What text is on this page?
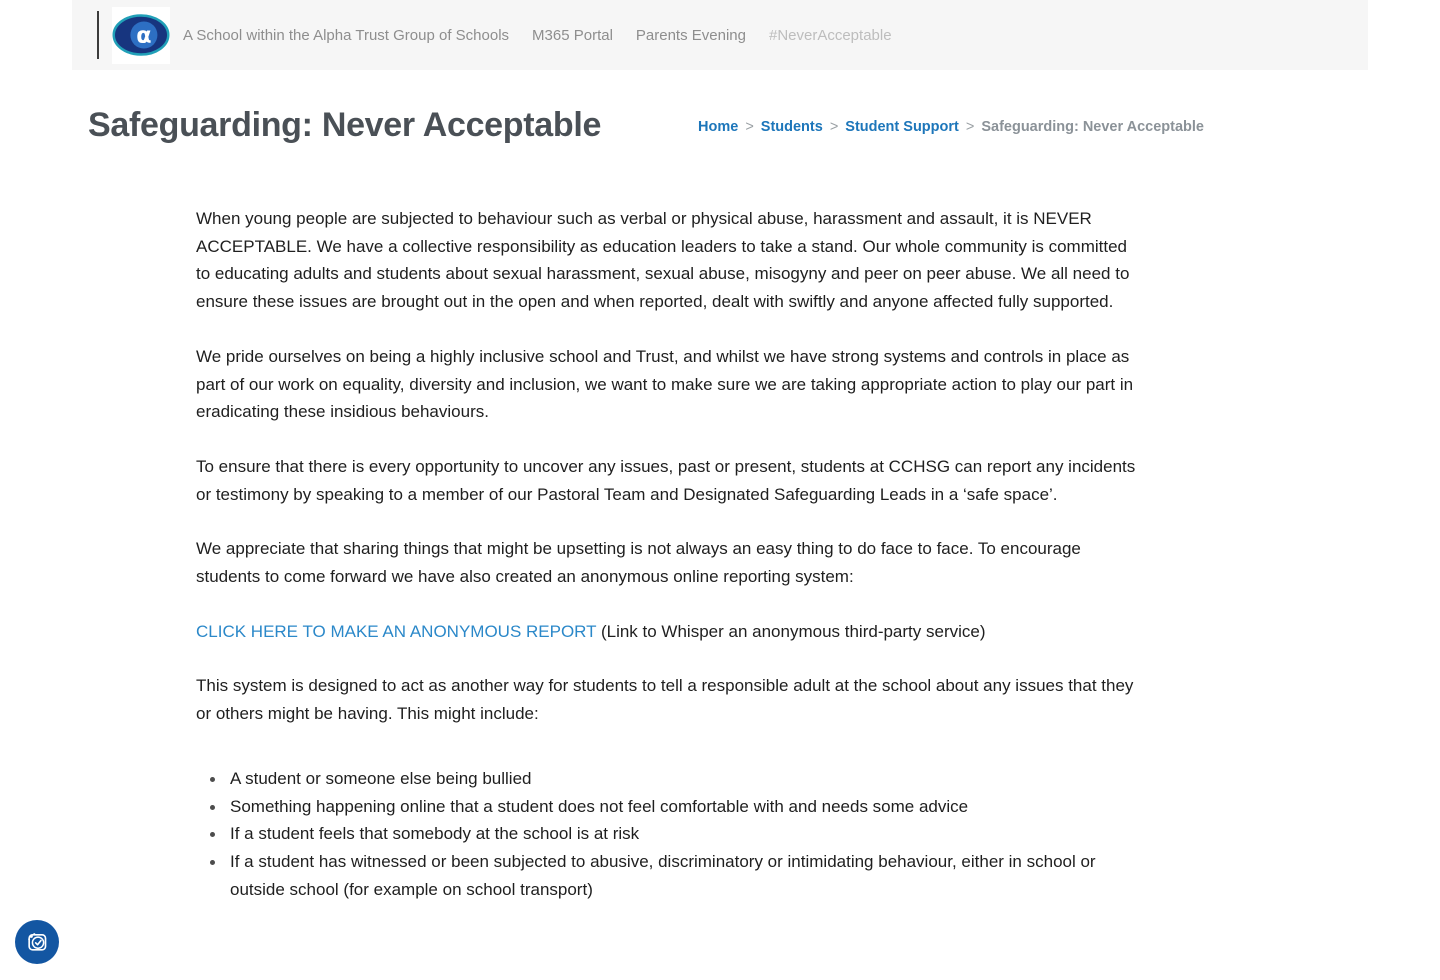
α A School within the Alpha Trust Group of Schools M365 Portal Parents Evening #NeverAcceptable
Safeguarding: Never Acceptable	Home > Students > Student Support > Safeguarding: Never Acceptable

When young people are subjected to behaviour such as verbal or physical abuse, harassment and assault, it is NEVER ACCEPTABLE. We have a collective responsibility as education leaders to take a stand. Our whole community is committed to educating adults and students about sexual harassment, sexual abuse, misogyny and peer on peer abuse. We all need to ensure these issues are brought out in the open and when reported, dealt with swiftly and anyone affected fully supported.

We pride ourselves on being a highly inclusive school and Trust, and whilst we have strong systems and controls in place as part of our work on equality, diversity and inclusion, we want to make sure we are taking appropriate action to play our part in eradicating these insidious behaviours.

To ensure that there is every opportunity to uncover any issues, past or present, students at CCHSG can report any incidents or testimony by speaking to a member of our Pastoral Team and Designated Safeguarding Leads in a ‘safe space’.

We appreciate that sharing things that might be upsetting is not always an easy thing to do face to face. To encourage students to come forward we have also created an anonymous online reporting system:

CLICK HERE TO MAKE AN ANONYMOUS REPORT (Link to Whisper an anonymous third-party service)

This system is designed to act as another way for students to tell a responsible adult at the school about any issues that they or others might be having. This might include:

A student or someone else being bullied
Something happening online that a student does not feel comfortable with and needs some advice
If a student feels that somebody at the school is at risk
If a student has witnessed or been subjected to abusive, discriminatory or intimidating behaviour, either in school or outside school (for example on school transport)
